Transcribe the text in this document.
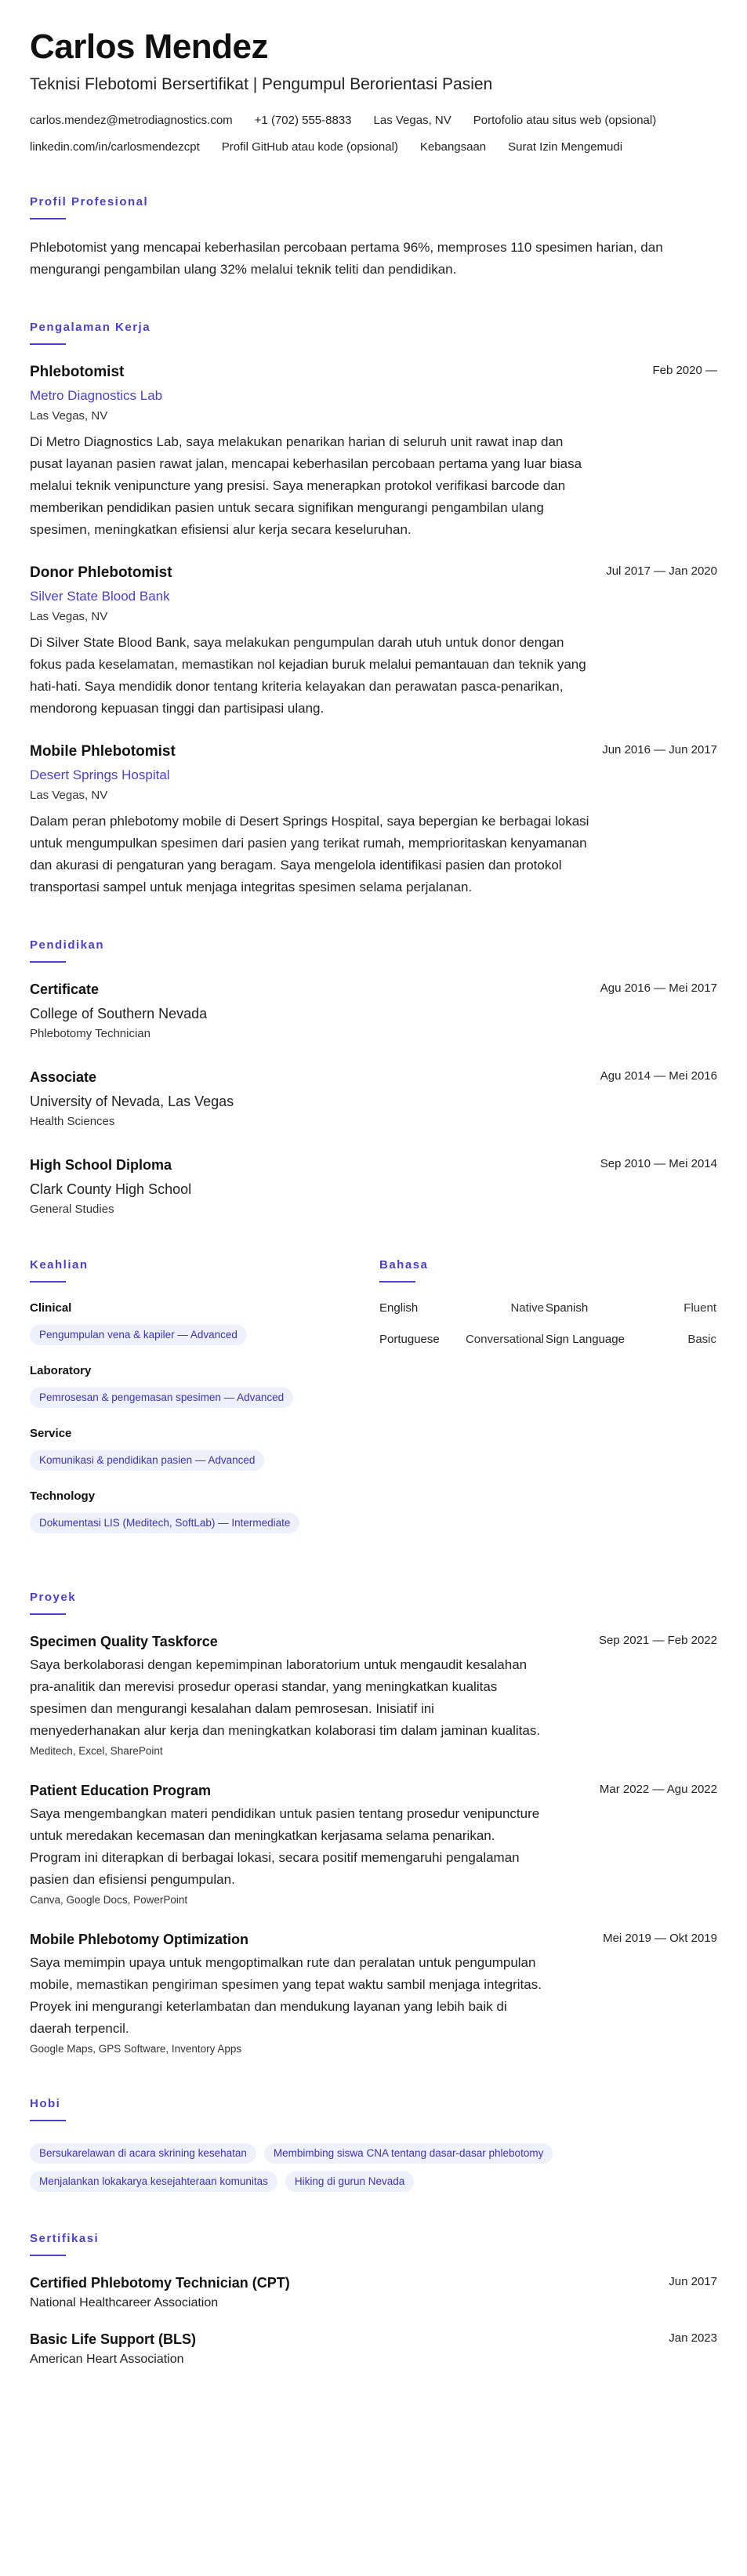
Carlos Mendez
Teknisi Flebotomi Bersertifikat | Pengumpul Berorientasi Pasien
carlos.mendez@metrodiagnostics.com +1 (702) 555-8833 Las Vegas, NV Portofolio atau situs web (opsional)
linkedin.com/in/carlosmendezcpt Profil GitHub atau kode (opsional) Kebangsaan Surat Izin Mengemudi
Profil Profesional
Phlebotomist yang mencapai keberhasilan percobaan pertama 96%, memproses 110 spesimen harian, dan mengurangi pengambilan ulang 32% melalui teknik teliti dan pendidikan.
Pengalaman Kerja
Phlebotomist	Feb 2020 —
Metro Diagnostics Lab
Las Vegas, NV
Di Metro Diagnostics Lab, saya melakukan penarikan harian di seluruh unit rawat inap dan pusat layanan pasien rawat jalan, mencapai keberhasilan percobaan pertama yang luar biasa melalui teknik venipuncture yang presisi. Saya menerapkan protokol verifikasi barcode dan memberikan pendidikan pasien untuk secara signifikan mengurangi pengambilan ulang spesimen, meningkatkan efisiensi alur kerja secara keseluruhan.
Donor Phlebotomist	Jul 2017 — Jan 2020
Silver State Blood Bank
Las Vegas, NV
Di Silver State Blood Bank, saya melakukan pengumpulan darah utuh untuk donor dengan fokus pada keselamatan, memastikan nol kejadian buruk melalui pemantauan dan teknik yang hati-hati. Saya mendidik donor tentang kriteria kelayakan dan perawatan pasca-penarikan, mendorong kepuasan tinggi dan partisipasi ulang.
Mobile Phlebotomist	Jun 2016 — Jun 2017
Desert Springs Hospital
Las Vegas, NV
Dalam peran phlebotomy mobile di Desert Springs Hospital, saya bepergian ke berbagai lokasi untuk mengumpulkan spesimen dari pasien yang terikat rumah, memprioritaskan kenyamanan dan akurasi di pengaturan yang beragam. Saya mengelola identifikasi pasien dan protokol transportasi sampel untuk menjaga integritas spesimen selama perjalanan.
Pendidikan
Certificate	Agu 2016 — Mei 2017
College of Southern Nevada
Phlebotomy Technician
Associate	Agu 2014 — Mei 2016
University of Nevada, Las Vegas
Health Sciences
High School Diploma	Sep 2010 — Mei 2014
Clark County High School
General Studies
Keahlian
Clinical
Pengumpulan vena & kapiler — Advanced
Laboratory
Pemrosesan & pengemasan spesimen — Advanced
Service
Komunikasi & pendidikan pasien — Advanced
Technology
Dokumentasi LIS (Meditech, SoftLab) — Intermediate
Bahasa
English	Native Spanish	Fluent
Portuguese	Conversational Sign Language	Basic
Proyek
Specimen Quality Taskforce	Sep 2021 — Feb 2022
Saya berkolaborasi dengan kepemimpinan laboratorium untuk mengaudit kesalahan pra-analitik dan merevisi prosedur operasi standar, yang meningkatkan kualitas spesimen dan mengurangi kesalahan dalam pemrosesan. Inisiatif ini menyederhanakan alur kerja dan meningkatkan kolaborasi tim dalam jaminan kualitas.
Meditech, Excel, SharePoint
Patient Education Program	Mar 2022 — Agu 2022
Saya mengembangkan materi pendidikan untuk pasien tentang prosedur venipuncture untuk meredakan kecemasan dan meningkatkan kerjasama selama penarikan. Program ini diterapkan di berbagai lokasi, secara positif memengaruhi pengalaman pasien dan efisiensi pengumpulan.
Canva, Google Docs, PowerPoint
Mobile Phlebotomy Optimization	Mei 2019 — Okt 2019
Saya memimpin upaya untuk mengoptimalkan rute dan peralatan untuk pengumpulan mobile, memastikan pengiriman spesimen yang tepat waktu sambil menjaga integritas. Proyek ini mengurangi keterlambatan dan mendukung layanan yang lebih baik di daerah terpencil.
Google Maps, GPS Software, Inventory Apps
Hobi
Bersukarelawan di acara skrining kesehatan	Membimbing siswa CNA tentang dasar-dasar phlebotomy
Menjalankan lokakarya kesejahteraan komunitas	Hiking di gurun Nevada
Sertifikasi
Certified Phlebotomy Technician (CPT)	Jun 2017
National Healthcareer Association
Basic Life Support (BLS)	Jan 2023
American Heart Association
